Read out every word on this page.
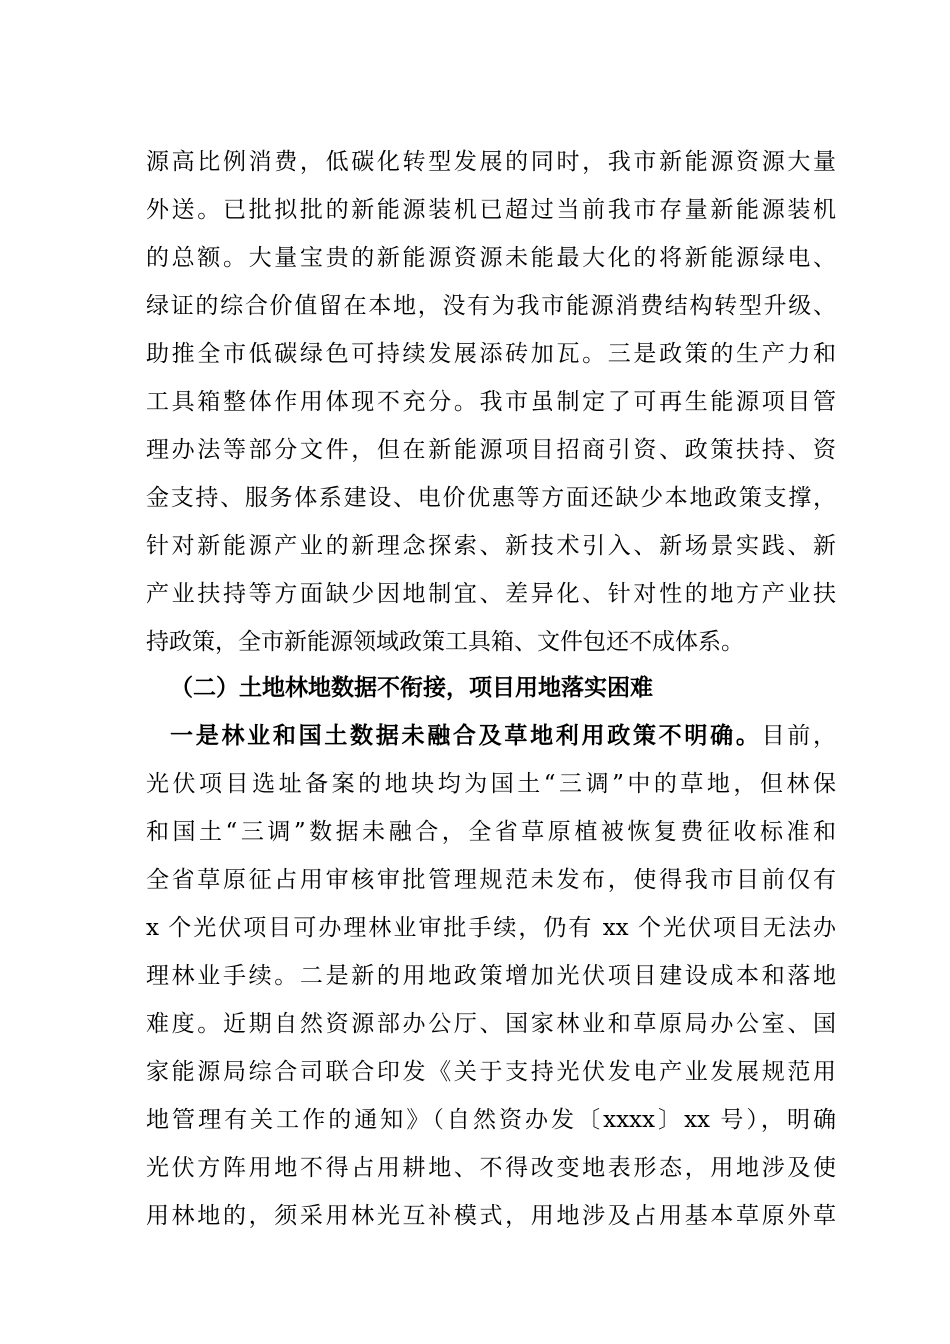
源高比例消费，低碳化转型发展的同时，我市新能源资源大量
外送。已批拟批的新能源装机已超过当前我市存量新能源装机
的总额。大量宝贵的新能源资源未能最大化的将新能源绿电、
绿证的综合价值留在本地，没有为我市能源消费结构转型升级、
助推全市低碳绿色可持续发展添砖加瓦。三是政策的生产力和
工具箱整体作用体现不充分。我市虽制定了可再生能源项目管
理办法等部分文件，但在新能源项目招商引资、政策扶持、资
金支持、服务体系建设、电价优惠等方面还缺少本地政策支撑，
针对新能源产业的新理念探索、新技术引入、新场景实践、新
产业扶持等方面缺少因地制宜、差异化、针对性的地方产业扶
持政策，全市新能源领域政策工具箱、文件包还不成体系。
（二）土地林地数据不衔接，项目用地落实困难
一是林业和国土数据未融合及草地利用政策不明确。目前，
光伏项目选址备案的地块均为国土“三调”中的草地，但林保
和国土“三调”数据未融合，全省草原植被恢复费征收标准和
全省草原征占用审核审批管理规范未发布，使得我市目前仅有
x 个光伏项目可办理林业审批手续，仍有 xx 个光伏项目无法办
理林业手续。二是新的用地政策增加光伏项目建设成本和落地
难度。近期自然资源部办公厅、国家林业和草原局办公室、国
家能源局综合司联合印发《关于支持光伏发电产业发展规范用
地管理有关工作的通知》（自然资办发〔xxxx〕xx 号），明确
光伏方阵用地不得占用耕地、不得改变地表形态，用地涉及使
用林地的，须采用林光互补模式，用地涉及占用基本草原外草
